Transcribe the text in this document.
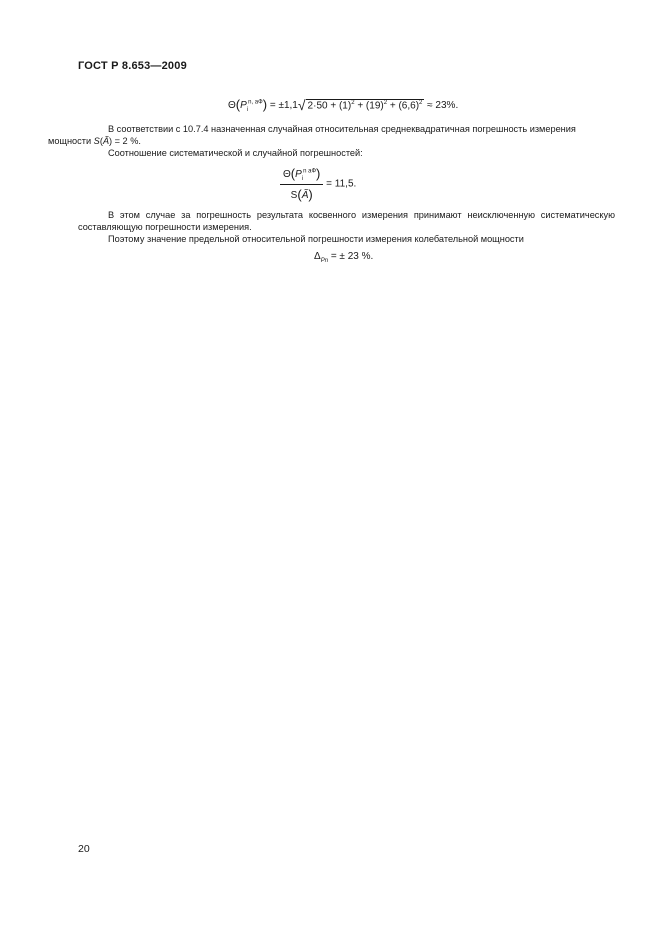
ГОСТ Р 8.653—2009
$\Theta(P_i^{n, аФ}) = \pm 1,1√$ $2\cdot 50 + (1)^2 + (19)^2 + (6,6)^2 \approx 23\%$.
В соответствии с 10.7.4 назначенная случайная относительная среднеквадратичная погрешность измерения
мощности S(Ã) = 2 %.
Соотношение систематической и случайной погрешностей:
$\frac{\Theta(P_i^{n аФ})}{S(Ã)} = 11,5$.
В этом случае за погрешность результата косвенного измерения принимают неисключенную систематическую составляющую погрешности измерения.
Поэтому значение предельной относительной погрешности измерения колебательной мощности
$\Delta_{Pn}$ = ± 23 %.
20
